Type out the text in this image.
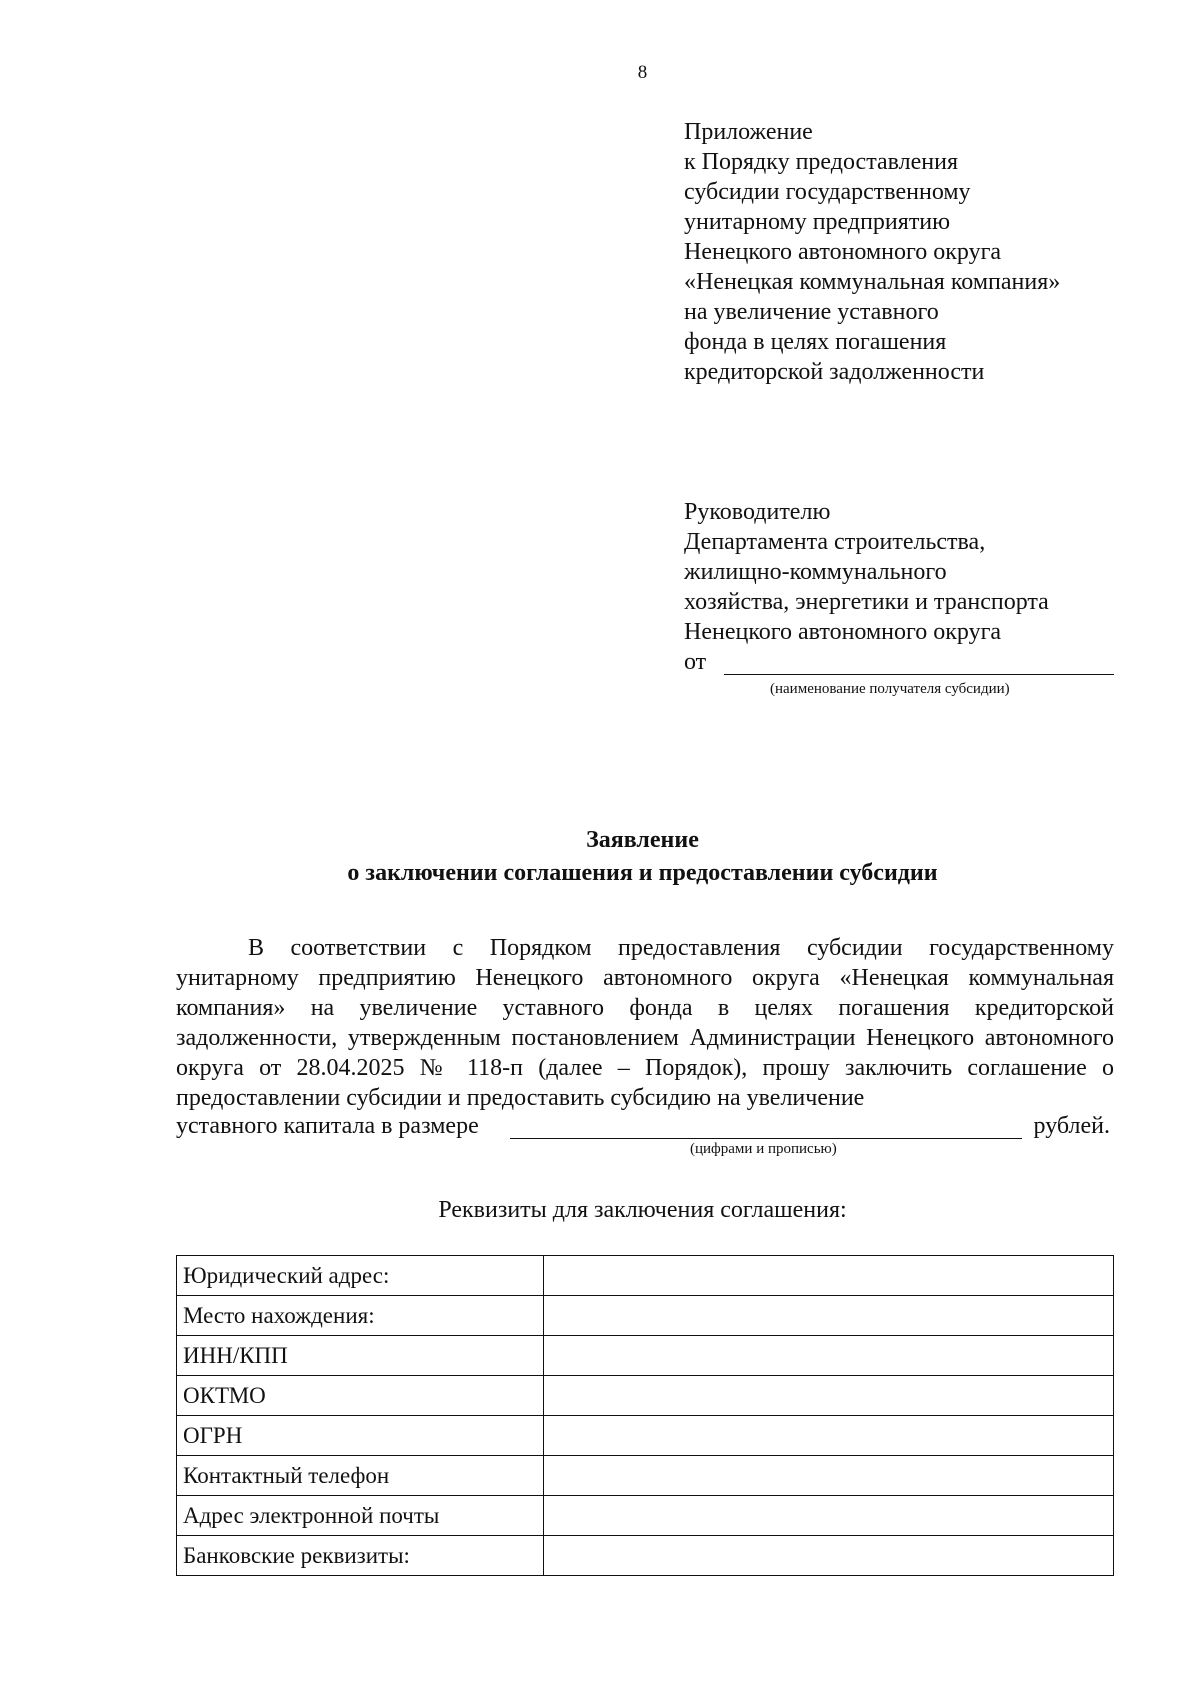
8
Приложение
к Порядку предоставления
субсидии государственному
унитарному предприятию
Ненецкого автономного округа
«Ненецкая коммунальная компания»
на увеличение уставного
фонда в целях погашения
кредиторской задолженности
Руководителю
Департамента строительства,
жилищно-коммунального
хозяйства, энергетики и транспорта
Ненецкого автономного округа
от
(наименование получателя субсидии)
Заявление
о заключении соглашения и предоставлении субсидии
В соответствии с Порядком предоставления субсидии государственному унитарному предприятию Ненецкого автономного округа «Ненецкая коммунальная компания» на увеличение уставного фонда в целях погашения кредиторской задолженности, утвержденным постановлением Администрации Ненецкого автономного округа от 28.04.2025 № 118-п (далее – Порядок), прошу заключить соглашение о предоставлении субсидии и предоставить субсидию на увеличение
уставного капитала в размере	рублей.
(цифрами и прописью)
Реквизиты для заключения соглашения:
Юридический адрес:	
Место нахождения:	
ИНН/КПП	
ОКТМО	
ОГРН	
Контактный телефон	
Адрес электронной почты	
Банковские реквизиты:	
